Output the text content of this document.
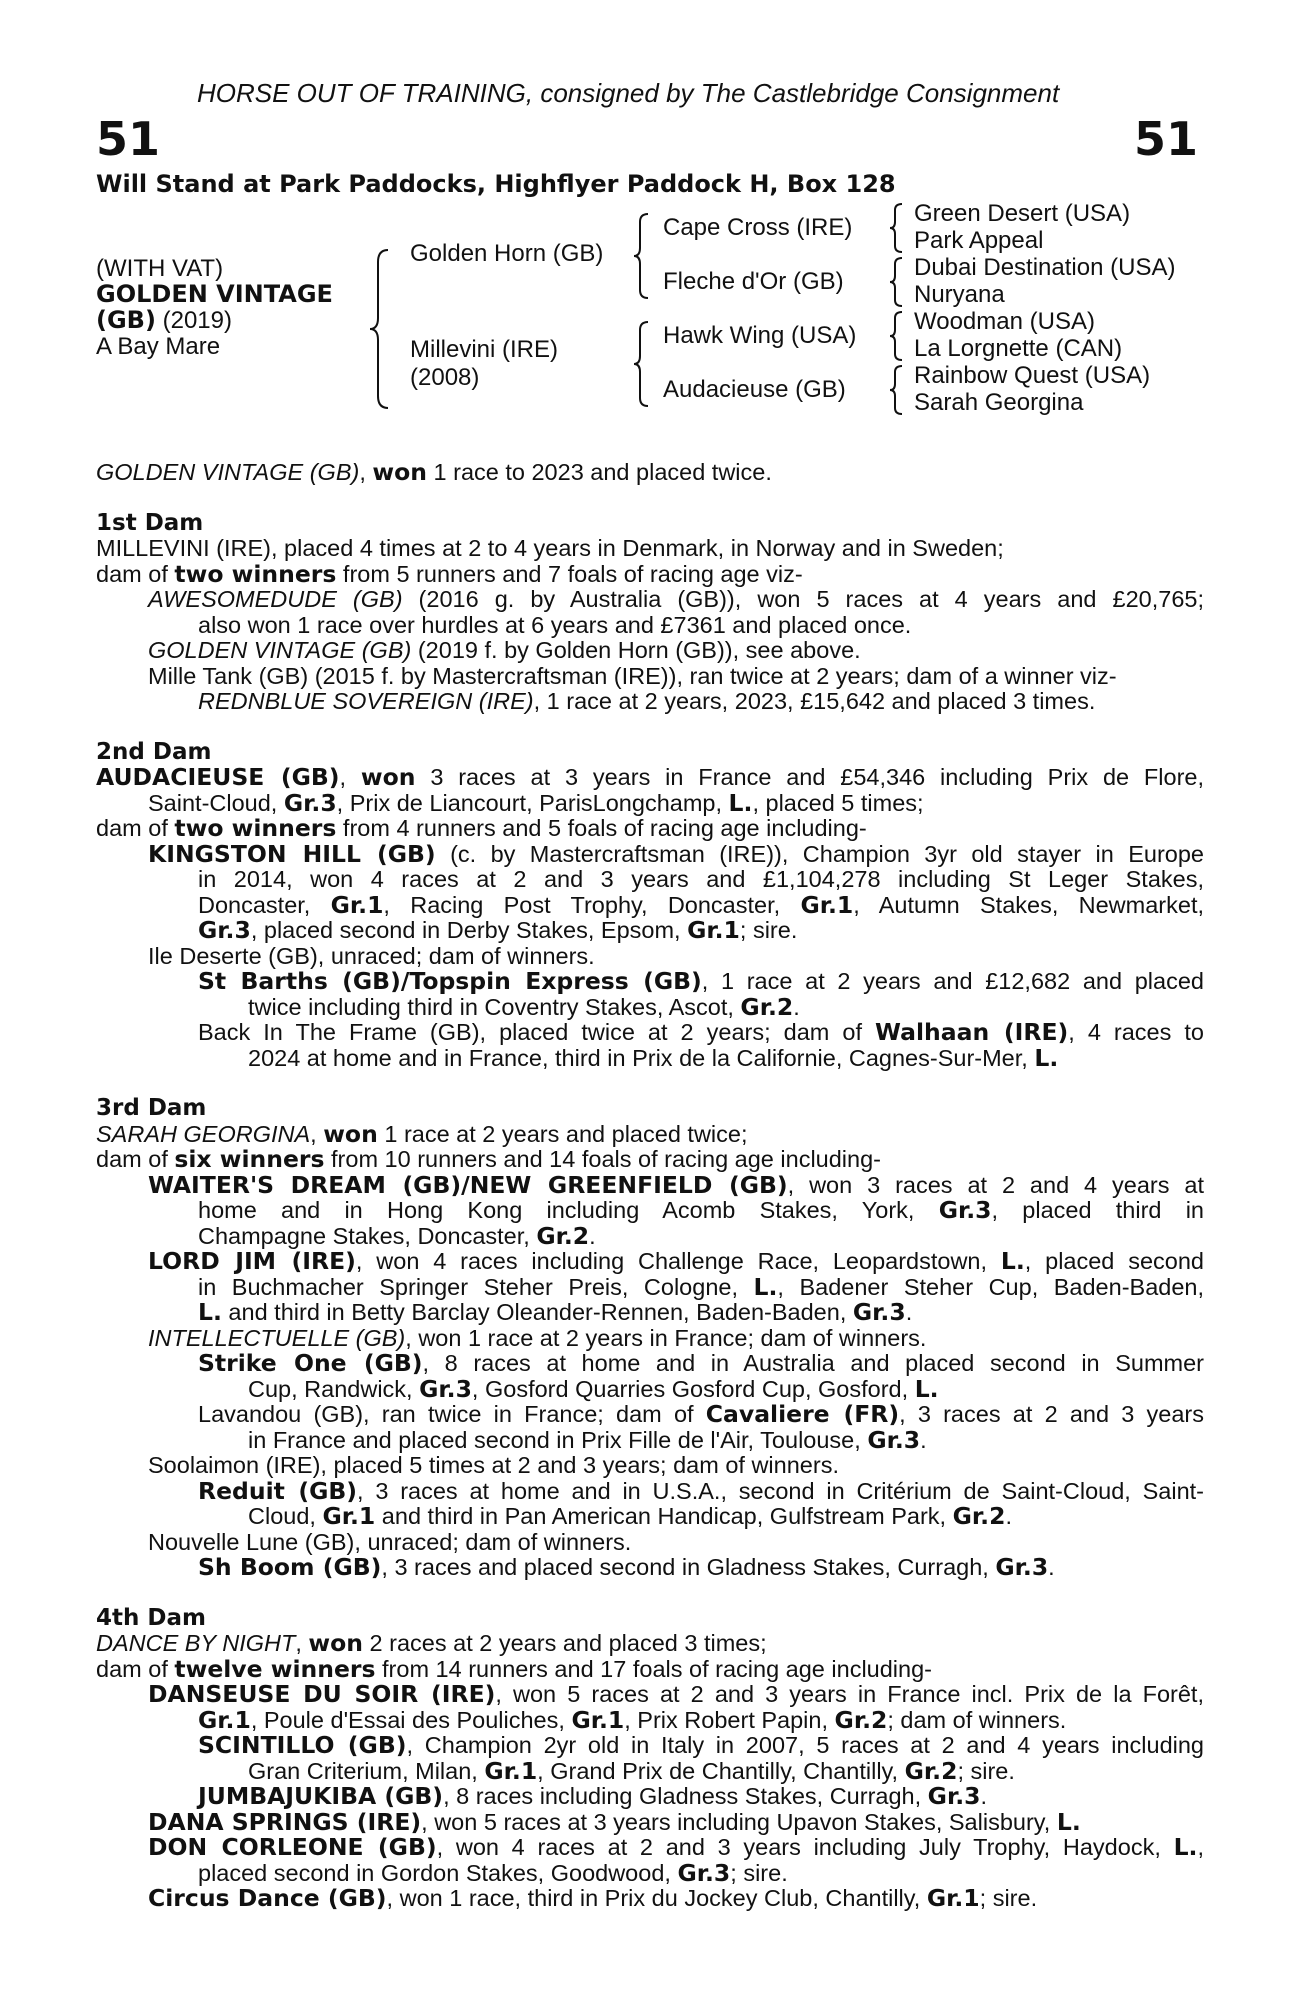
HORSE OUT OF TRAINING, consigned by The Castlebridge Consignment
51	51
Will Stand at Park Paddocks, Highflyer Paddock H, Box 128
(WITH VAT)
GOLDEN VINTAGE
(GB) (2019)
A Bay Mare
Golden Horn (GB)
Millevini (IRE)
(2008)
Cape Cross (IRE)
Fleche d'Or (GB)
Hawk Wing (USA)
Audacieuse (GB)
Green Desert (USA)
Park Appeal
Dubai Destination (USA)
Nuryana
Woodman (USA)
La Lorgnette (CAN)
Rainbow Quest (USA)
Sarah Georgina
GOLDEN VINTAGE (GB), won 1 race to 2023 and placed twice.
1st Dam
MILLEVINI (IRE), placed 4 times at 2 to 4 years in Denmark, in Norway and in Sweden;
dam of two winners from 5 runners and 7 foals of racing age viz-
AWESOMEDUDE (GB) (2016 g. by Australia (GB)), won 5 races at 4 years and £20,765;
also won 1 race over hurdles at 6 years and £7361 and placed once.
GOLDEN VINTAGE (GB) (2019 f. by Golden Horn (GB)), see above.
Mille Tank (GB) (2015 f. by Mastercraftsman (IRE)), ran twice at 2 years; dam of a winner viz-
REDNBLUE SOVEREIGN (IRE), 1 race at 2 years, 2023, £15,642 and placed 3 times.
2nd Dam
AUDACIEUSE (GB), won 3 races at 3 years in France and £54,346 including Prix de Flore,
Saint-Cloud, Gr.3, Prix de Liancourt, ParisLongchamp, L., placed 5 times;
dam of two winners from 4 runners and 5 foals of racing age including-
KINGSTON HILL (GB) (c. by Mastercraftsman (IRE)), Champion 3yr old stayer in Europe
in 2014, won 4 races at 2 and 3 years and £1,104,278 including St Leger Stakes,
Doncaster, Gr.1, Racing Post Trophy, Doncaster, Gr.1, Autumn Stakes, Newmarket,
Gr.3, placed second in Derby Stakes, Epsom, Gr.1; sire.
Ile Deserte (GB), unraced; dam of winners.
St Barths (GB)/Topspin Express (GB), 1 race at 2 years and £12,682 and placed
twice including third in Coventry Stakes, Ascot, Gr.2.
Back In The Frame (GB), placed twice at 2 years; dam of Walhaan (IRE), 4 races to
2024 at home and in France, third in Prix de la Californie, Cagnes-Sur-Mer, L.
3rd Dam
SARAH GEORGINA, won 1 race at 2 years and placed twice;
dam of six winners from 10 runners and 14 foals of racing age including-
WAITER'S DREAM (GB)/NEW GREENFIELD (GB), won 3 races at 2 and 4 years at
home and in Hong Kong including Acomb Stakes, York, Gr.3, placed third in
Champagne Stakes, Doncaster, Gr.2.
LORD JIM (IRE), won 4 races including Challenge Race, Leopardstown, L., placed second
in Buchmacher Springer Steher Preis, Cologne, L., Badener Steher Cup, Baden-Baden,
L. and third in Betty Barclay Oleander-Rennen, Baden-Baden, Gr.3.
INTELLECTUELLE (GB), won 1 race at 2 years in France; dam of winners.
Strike One (GB), 8 races at home and in Australia and placed second in Summer
Cup, Randwick, Gr.3, Gosford Quarries Gosford Cup, Gosford, L.
Lavandou (GB), ran twice in France; dam of Cavaliere (FR), 3 races at 2 and 3 years
in France and placed second in Prix Fille de l'Air, Toulouse, Gr.3.
Soolaimon (IRE), placed 5 times at 2 and 3 years; dam of winners.
Reduit (GB), 3 races at home and in U.S.A., second in Critérium de Saint-Cloud, Saint-
Cloud, Gr.1 and third in Pan American Handicap, Gulfstream Park, Gr.2.
Nouvelle Lune (GB), unraced; dam of winners.
Sh Boom (GB), 3 races and placed second in Gladness Stakes, Curragh, Gr.3.
4th Dam
DANCE BY NIGHT, won 2 races at 2 years and placed 3 times;
dam of twelve winners from 14 runners and 17 foals of racing age including-
DANSEUSE DU SOIR (IRE), won 5 races at 2 and 3 years in France incl. Prix de la Forêt,
Gr.1, Poule d'Essai des Pouliches, Gr.1, Prix Robert Papin, Gr.2; dam of winners.
SCINTILLO (GB), Champion 2yr old in Italy in 2007, 5 races at 2 and 4 years including
Gran Criterium, Milan, Gr.1, Grand Prix de Chantilly, Chantilly, Gr.2; sire.
JUMBAJUKIBA (GB), 8 races including Gladness Stakes, Curragh, Gr.3.
DANA SPRINGS (IRE), won 5 races at 3 years including Upavon Stakes, Salisbury, L.
DON CORLEONE (GB), won 4 races at 2 and 3 years including July Trophy, Haydock, L.,
placed second in Gordon Stakes, Goodwood, Gr.3; sire.
Circus Dance (GB), won 1 race, third in Prix du Jockey Club, Chantilly, Gr.1; sire.
